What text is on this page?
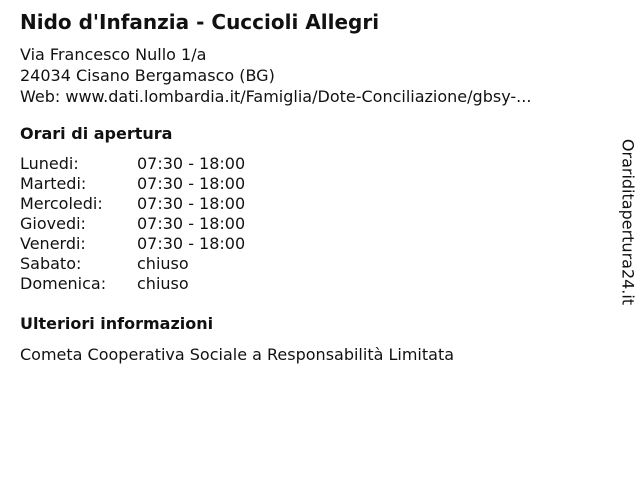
Nido d'Infanzia - Cuccioli Allegri
Via Francesco Nullo 1/a
24034 Cisano Bergamasco (BG)
Web: www.dati.lombardia.it/Famiglia/Dote-Conciliazione/gbsy-...
Orari di apertura
Lunedi:	07:30 - 18:00
Martedi:	07:30 - 18:00
Mercoledi:	07:30 - 18:00
Giovedi:	07:30 - 18:00
Venerdi:	07:30 - 18:00
Sabato:	chiuso
Domenica:	chiuso
Ulteriori informazioni
Cometa Cooperativa Sociale a Responsabilità Limitata
Orariditapertura24.it
